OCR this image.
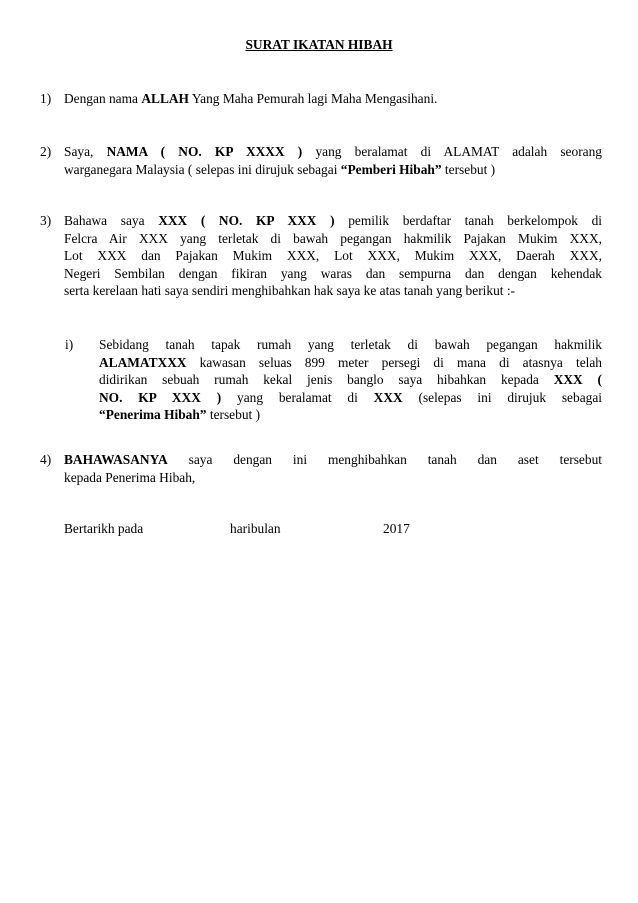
SURAT IKATAN HIBAH
1) Dengan nama ALLAH Yang Maha Pemurah lagi Maha Mengasihani.
2) Saya, NAMA ( NO. KP XXXX ) yang beralamat di ALAMAT adalah seorang
warganegara Malaysia ( selepas ini dirujuk sebagai “Pemberi Hibah” tersebut )
3) Bahawa saya XXX ( NO. KP XXX ) pemilik berdaftar tanah berkelompok di
Felcra Air XXX yang terletak di bawah pegangan hakmilik Pajakan Mukim XXX,
Lot XXX dan Pajakan Mukim XXX, Lot XXX, Mukim XXX, Daerah XXX,
Negeri Sembilan dengan fikiran yang waras dan sempurna dan dengan kehendak
serta kerelaan hati saya sendiri menghibahkan hak saya ke atas tanah yang berikut :-
i)	Sebidang tanah tapak rumah yang terletak di bawah pegangan hakmilik
ALAMATXXX kawasan seluas 899 meter persegi di mana di atasnya telah
didirikan sebuah rumah kekal jenis banglo saya hibahkan kepada XXX (
NO. KP XXX ) yang beralamat di XXX (selepas ini dirujuk sebagai
“Penerima Hibah” tersebut )
4) BAHAWASANYA saya dengan ini menghibahkan tanah dan aset tersebut
kepada Penerima Hibah,
Bertarikh pada	haribulan	2017
